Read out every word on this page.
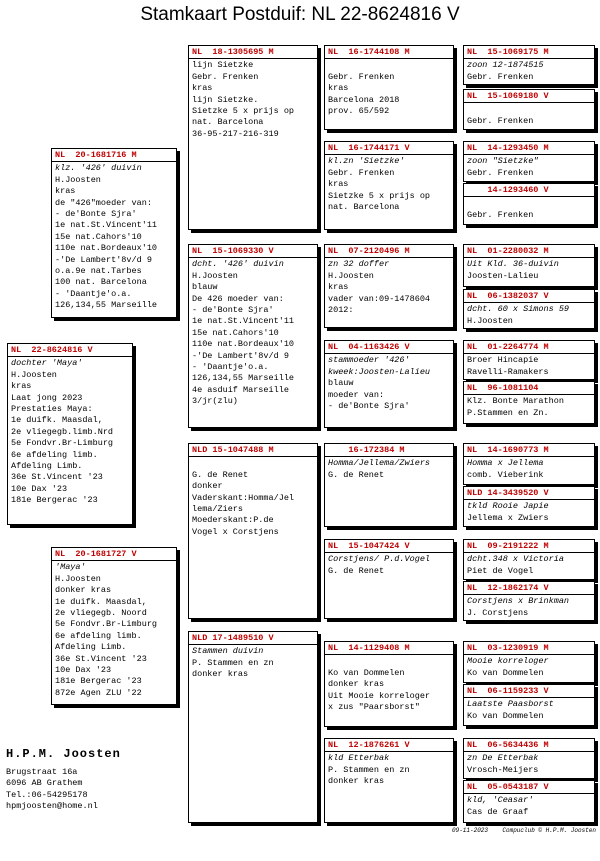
Stamkaart Postduif: NL 22-8624816 V
NL  22-8624816 V
dochter 'Maya'
H.Joosten
kras
Laat jong 2023
Prestaties Maya:
1e duifk. Maasdal,
2e vliegegb.limb.Nrd
5e Fondvr.Br-Limburg
6e afdeling limb.
Afdeling Limb.
36e St.Vincent '23
10e Dax '23
181e Bergerac '23
NL  20-1681716 M
klz. '426' duivin
H.Joosten
kras
de "426"moeder van:
- de'Bonte Sjra'
1e nat.St.Vincent'11
15e nat.Cahors'10
110e nat.Bordeaux'10
-'De Lambert'8v/d 9
o.a.9e nat.Tarbes
100 nat. Barcelona
- 'Daantje'o.a.
126,134,55 Marseille
NL  20-1681727 V
'Maya'
H.Joosten
donker kras
1e duifk. Maasdal,
2e vliegegb. Noord
5e Fondvr.Br-Limburg
6e afdeling limb.
Afdeling Limb.
36e St.Vincent '23
10e Dax '23
181e Bergerac '23
872e Agen ZLU '22
NL  18-1305695 M
lijn Sietzke
Gebr. Frenken
kras
lijn Sietzke.
Sietzke 5 x prijs op
nat. Barcelona
36-95-217-216-319
NL  15-1069330 V
dcht. '426' duivin
H.Joosten
blauw
De 426 moeder van:
- de'Bonte Sjra'
1e nat.St.Vincent'11
15e nat.Cahors'10
110e nat.Bordeaux'10
-'De Lambert'8v/d 9
- 'Daantje'o.a.
126,134,55 Marseille
4e asduif Marseille
3/jr(zlu)
NLD 15-1047488 M
G. de Renet
donker
Vaderskant:Homma/Jel
lema/Ziers
Moederskant:P.de
Vogel x Corstjens
NLD 17-1489510 V
Stammen duivin
P. Stammen en zn
donker kras
NL  16-1744108 M
Gebr. Frenken
kras
Barcelona 2018
prov. 65/592
NL  16-1744171 V
kl.zn 'Sietzke'
Gebr. Frenken
kras
Sietzke 5 x prijs op
nat. Barcelona
NL  07-2120496 M
zn 32 doffer
H.Joosten
kras
vader van:09-1478604
2012:
NL  04-1163426 V
stammoeder '426'
kweek:Joosten-Lalieu
blauw
moeder van:
- de'Bonte Sjra'
16-172384 M
Homma/Jellema/Zwiers
G. de Renet
NL  15-1047424 V
Corstjens/ P.d.Vogel
G. de Renet
NL  14-1129408 M
Ko van Dommelen
donker kras
Uit Mooie korreloger
x zus "Paarsborst"
NL  12-1876261 V
kld Etterbak
P. Stammen en zn
donker kras
NL  15-1069175 M
zoon 12-1874515
Gebr. Frenken
NL  15-1069180 V
Gebr. Frenken
NL  14-1293450 M
zoon "Sietzke"
Gebr. Frenken
14-1293460 V
Gebr. Frenken
NL  01-2280032 M
Uit Kld. 36-duivin
Joosten-Lalieu
NL  06-1382037 V
dcht. 60 x Simons 59
H.Joosten
NL  01-2264774 M
Broer Hincapie
Ravelli-Ramakers
NL  96-1081104
Klz. Bonte Marathon
P.Stammen en Zn.
NL  14-1690773 M
Homma x Jellema
comb. Vieberink
NLD 14-3439520 V
tkld Rooie Japie
Jellema x Zwiers
NL  09-2191222 M
dcht.348 x Victoria
Piet de Vogel
NL  12-1862174 V
Corstjens x Brinkman
J. Corstjens
NL  03-1230919 M
Mooie korreloger
Ko van Dommelen
NL  06-1159233 V
Laatste Paasborst
Ko van Dommelen
NL  06-5634436 M
zn De Etterbak
Vrosch-Meijers
NL  05-0543187 V
kld, 'Ceasar'
Cas de Graaf
H.P.M. Joosten
Brugstraat 16a
6096 AB Grathem
Tel.:06-54295178
hpmjoosten@home.nl
09-11-2023    Compuclub © H.P.M. Joosten
